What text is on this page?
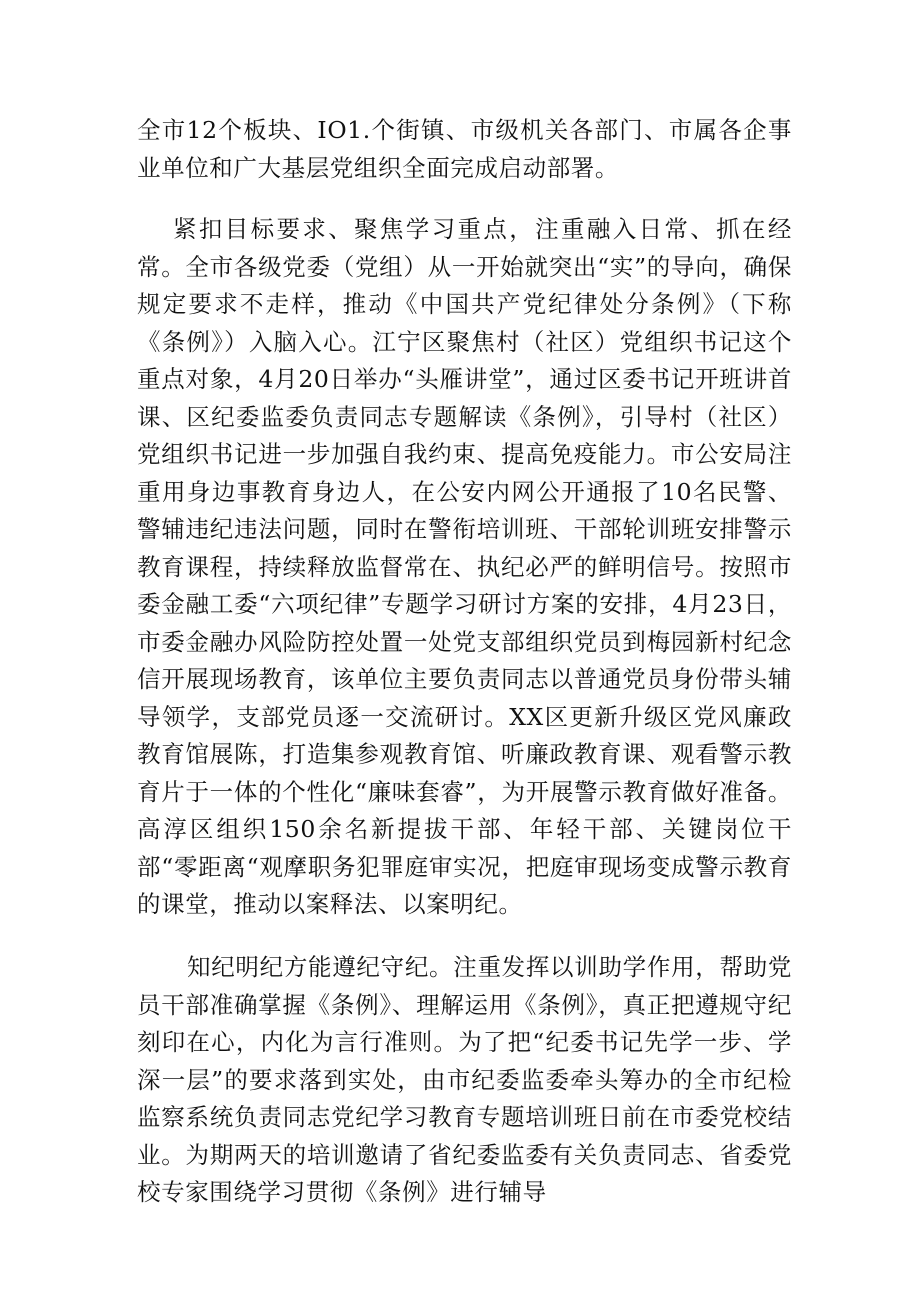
全市12个板块、IO1.个街镇、市级机关各部门、市属各企事业单位和广大基层党组织全面完成启动部署。

紧扣目标要求、聚焦学习重点，注重融入日常、抓在经常。全市各级党委（党组）从一开始就突出“实”的导向，确保规定要求不走样，推动《中国共产党纪律处分条例》（下称《条例》）入脑入心。江宁区聚焦村（社区）党组织书记这个重点对象，4月20日举办“头雁讲堂”，通过区委书记开班讲首课、区纪委监委负责同志专题解读《条例》，引导村（社区）党组织书记进一步加强自我约束、提高免疫能力。市公安局注重用身边事教育身边人，在公安内网公开通报了10名民警、警辅违纪违法问题，同时在警衔培训班、干部轮训班安排警示教育课程，持续释放监督常在、执纪必严的鲜明信号。按照市委金融工委“六项纪律”专题学习研讨方案的安排，4月23日，市委金融办风险防控处置一处党支部组织党员到梅园新村纪念信开展现场教育，该单位主要负责同志以普通党员身份带头辅导领学，支部党员逐一交流研讨。XX区更新升级区党风廉政教育馆展陈，打造集参观教育馆、听廉政教育课、观看警示教育片于一体的个性化“廉味套睿”，为开展警示教育做好准备。高淳区组织150余名新提拔干部、年轻干部、关键岗位干部“零距离“观摩职务犯罪庭审实况，把庭审现场变成警示教育的课堂，推动以案释法、以案明纪。

知纪明纪方能遵纪守纪。注重发挥以训助学作用，帮助党员干部准确掌握《条例》、理解运用《条例》，真正把遵规守纪刻印在心，内化为言行准则。为了把“纪委书记先学一步、学深一层”的要求落到实处，由市纪委监委牵头筹办的全市纪检监察系统负责同志党纪学习教育专题培训班日前在市委党校结业。为期两天的培训邀请了省纪委监委有关负责同志、省委党校专家围绕学习贯彻《条例》进行辅导
